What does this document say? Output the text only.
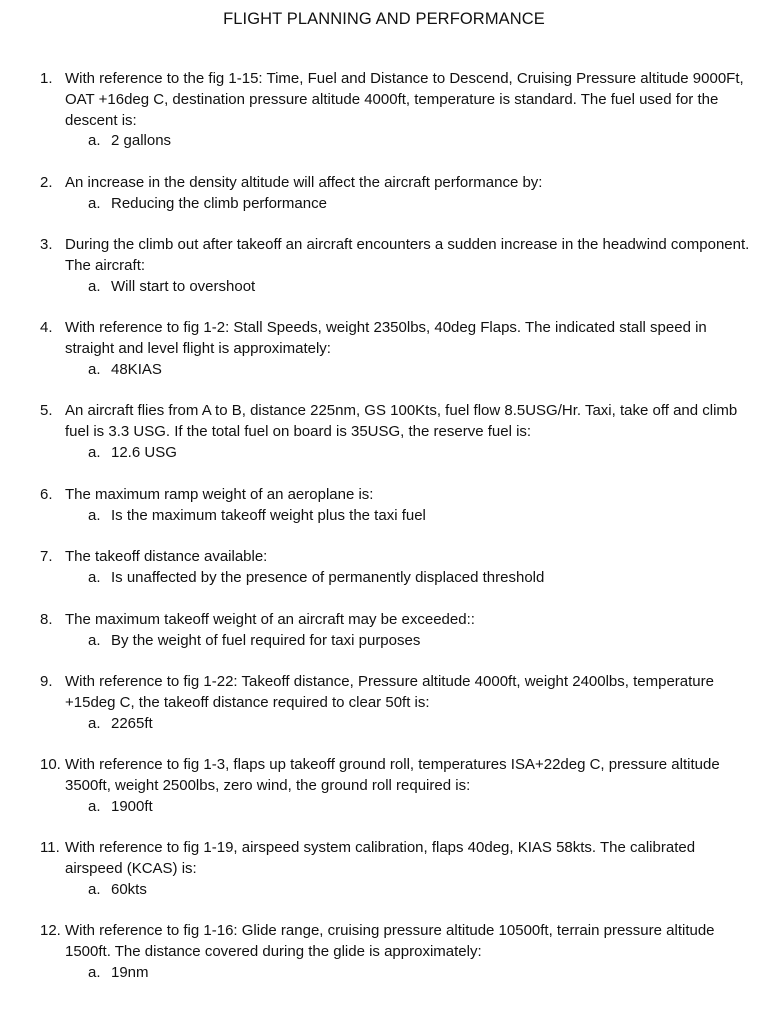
FLIGHT PLANNING AND PERFORMANCE
1. With reference to the fig 1-15: Time, Fuel and Distance to Descend, Cruising Pressure altitude 9000Ft, OAT +16deg C, destination pressure altitude 4000ft, temperature is standard. The fuel used for the descent is:
a. 2 gallons
2. An increase in the density altitude will affect the aircraft performance by:
a. Reducing the climb performance
3. During the climb out after takeoff an aircraft encounters a sudden increase in the headwind component. The aircraft:
a. Will start to overshoot
4. With reference to fig 1-2: Stall Speeds, weight 2350lbs, 40deg Flaps. The indicated stall speed in straight and level flight is approximately:
a. 48KIAS
5. An aircraft flies from A to B, distance 225nm, GS 100Kts, fuel flow 8.5USG/Hr. Taxi, take off and climb fuel is 3.3 USG. If the total fuel on board is 35USG, the reserve fuel is:
a. 12.6 USG
6. The maximum ramp weight of an aeroplane is:
a. Is the maximum takeoff weight plus the taxi fuel
7. The takeoff distance available:
a. Is unaffected by the presence of permanently displaced threshold
8. The maximum takeoff weight of an aircraft may be exceeded::
a. By the weight of fuel required for taxi purposes
9. With reference to fig 1-22: Takeoff distance, Pressure altitude 4000ft, weight 2400lbs, temperature +15deg C, the takeoff distance required to clear 50ft is:
a. 2265ft
10. With reference to fig 1-3, flaps up takeoff ground roll, temperatures ISA+22deg C, pressure altitude 3500ft, weight 2500lbs, zero wind, the ground roll required is:
a. 1900ft
11. With reference to fig 1-19, airspeed system calibration, flaps 40deg, KIAS 58kts. The calibrated airspeed (KCAS) is:
a. 60kts
12. With reference to fig 1-16: Glide range, cruising pressure altitude 10500ft, terrain pressure altitude 1500ft. The distance covered during the glide is approximately:
a. 19nm
